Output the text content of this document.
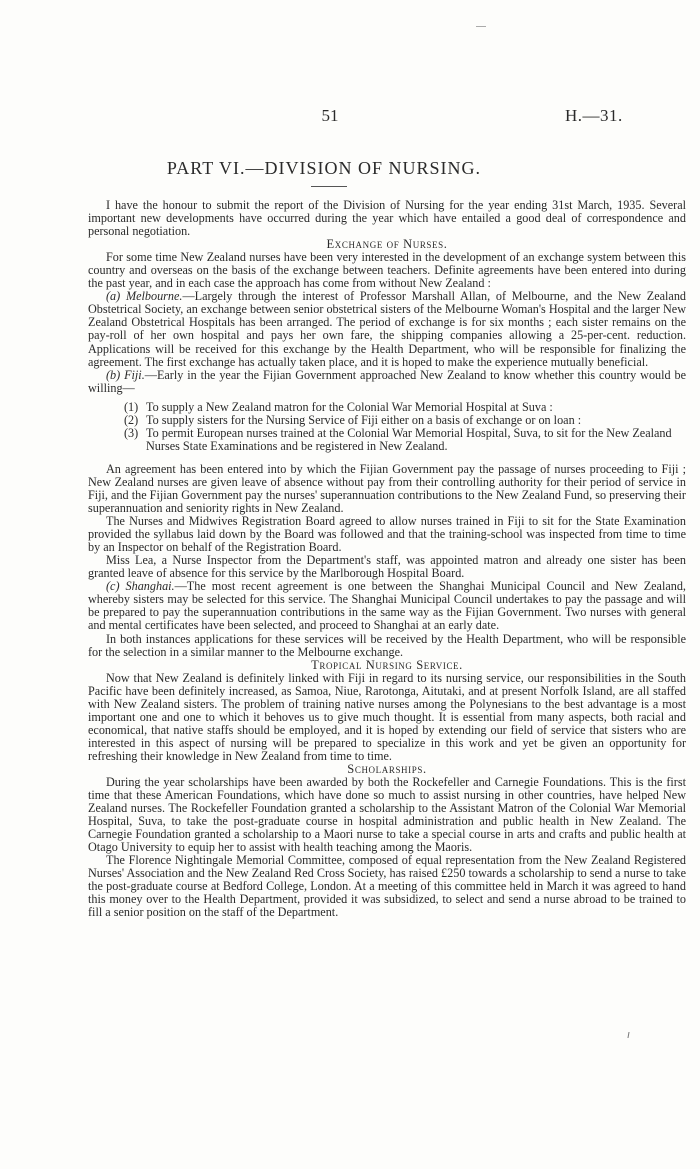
51	H.—31.
PART VI.—DIVISION OF NURSING.

I have the honour to submit the report of the Division of Nursing for the year ending 31st March, 1935. Several important new developments have occurred during the year which have entailed a good deal of correspondence and personal negotiation.

Exchange of Nurses.

For some time New Zealand nurses have been very interested in the development of an exchange system between this country and overseas on the basis of the exchange between teachers. Definite agreements have been entered into during the past year, and in each case the approach has come from without New Zealand :

(a) Melbourne.—Largely through the interest of Professor Marshall Allan, of Melbourne, and the New Zealand Obstetrical Society, an exchange between senior obstetrical sisters of the Melbourne Woman's Hospital and the larger New Zealand Obstetrical Hospitals has been arranged. The period of exchange is for six months ; each sister remains on the pay-roll of her own hospital and pays her own fare, the shipping companies allowing a 25-per-cent. reduction. Applications will be received for this exchange by the Health Department, who will be responsible for finalizing the agreement. The first exchange has actually taken place, and it is hoped to make the experience mutually beneficial.

(b) Fiji.—Early in the year the Fijian Government approached New Zealand to know whether this country would be willing—

(1) To supply a New Zealand matron for the Colonial War Memorial Hospital at Suva :

(2) To supply sisters for the Nursing Service of Fiji either on a basis of exchange or on loan :

(3) To permit European nurses trained at the Colonial War Memorial Hospital, Suva, to sit for the New Zealand Nurses State Examinations and be registered in New Zealand.

An agreement has been entered into by which the Fijian Government pay the passage of nurses proceeding to Fiji ; New Zealand nurses are given leave of absence without pay from their controlling authority for their period of service in Fiji, and the Fijian Government pay the nurses' superannuation contributions to the New Zealand Fund, so preserving their superannuation and seniority rights in New Zealand.

The Nurses and Midwives Registration Board agreed to allow nurses trained in Fiji to sit for the State Examination provided the syllabus laid down by the Board was followed and that the training-school was inspected from time to time by an Inspector on behalf of the Registration Board.

Miss Lea, a Nurse Inspector from the Department's staff, was appointed matron and already one sister has been granted leave of absence for this service by the Marlborough Hospital Board.

(c) Shanghai.—The most recent agreement is one between the Shanghai Municipal Council and New Zealand, whereby sisters may be selected for this service. The Shanghai Municipal Council undertakes to pay the passage and will be prepared to pay the superannuation contributions in the same way as the Fijian Government. Two nurses with general and mental certificates have been selected, and proceed to Shanghai at an early date.

In both instances applications for these services will be received by the Health Department, who will be responsible for the selection in a similar manner to the Melbourne exchange.

Tropical Nursing Service.

Now that New Zealand is definitely linked with Fiji in regard to its nursing service, our responsibilities in the South Pacific have been definitely increased, as Samoa, Niue, Rarotonga, Aitutaki, and at present Norfolk Island, are all staffed with New Zealand sisters. The problem of training native nurses among the Polynesians to the best advantage is a most important one and one to which it behoves us to give much thought. It is essential from many aspects, both racial and economical, that native staffs should be employed, and it is hoped by extending our field of service that sisters who are interested in this aspect of nursing will be prepared to specialize in this work and yet be given an opportunity for refreshing their knowledge in New Zealand from time to time.

Scholarships.

During the year scholarships have been awarded by both the Rockefeller and Carnegie Foundations. This is the first time that these American Foundations, which have done so much to assist nursing in other countries, have helped New Zealand nurses. The Rockefeller Foundation granted a scholarship to the Assistant Matron of the Colonial War Memorial Hospital, Suva, to take the post-graduate course in hospital administration and public health in New Zealand. The Carnegie Foundation granted a scholarship to a Maori nurse to take a special course in arts and crafts and public health at Otago University to equip her to assist with health teaching among the Maoris.

The Florence Nightingale Memorial Committee, composed of equal representation from the New Zealand Registered Nurses' Association and the New Zealand Red Cross Society, has raised £250 towards a scholarship to send a nurse to take the post-graduate course at Bedford College, London. At a meeting of this committee held in March it was agreed to hand this money over to the Health Department, provided it was subsidized, to select and send a nurse abroad to be trained to fill a senior position on the staff of the Department.
